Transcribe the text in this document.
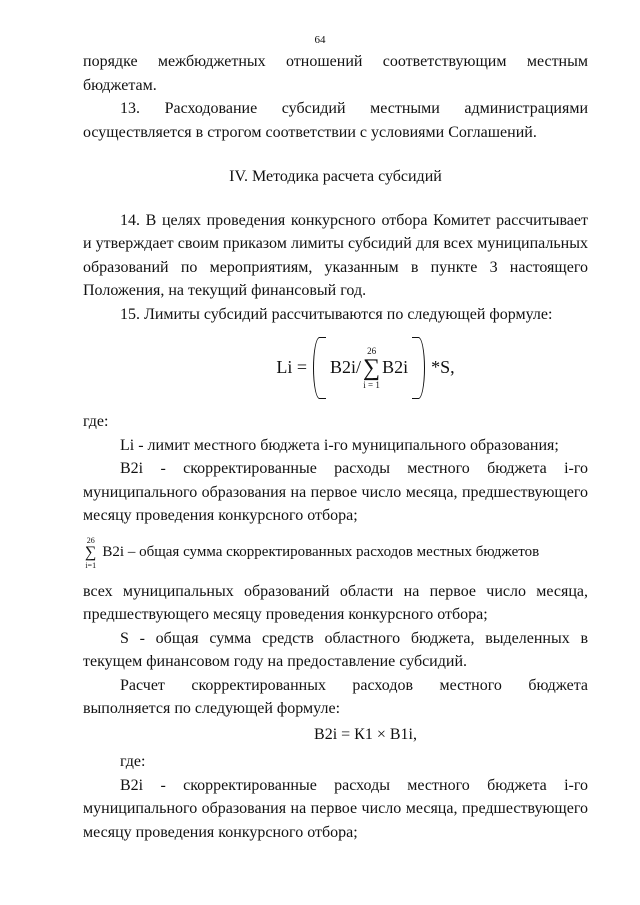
64

порядке межбюджетных отношений соответствующим местным бюджетам.

13. Расходование субсидий местными администрациями осуществляется в строгом соответствии с условиями Соглашений.

IV. Методика расчета субсидий

14. В целях проведения конкурсного отбора Комитет рассчитывает и утверждает своим приказом лимиты субсидий для всех муниципальных образований по мероприятиям, указанным в пункте 3 настоящего Положения, на текущий финансовый год.

15. Лимиты субсидий рассчитываются по следующей формуле:

Li = В2i/
26
∑
i = 1
В2i *S,

где:

Li - лимит местного бюджета i-го муниципального образования;

В2i - скорректированные расходы местного бюджета i-го муниципального образования на первое число месяца, предшествующего месяцу проведения конкурсного отбора;

26
∑
i=1
В2i – общая сумма скорректированных расходов местных бюджетов

всех муниципальных образований области на первое число месяца, предшествующего месяцу проведения конкурсного отбора;

S - общая сумма средств областного бюджета, выделенных в текущем финансовом году на предоставление субсидий.

Расчет скорректированных расходов местного бюджета выполняется по следующей формуле:

В2i = К1 × В1i,

где:

В2i - скорректированные расходы местного бюджета i-го муниципального образования на первое число месяца, предшествующего месяцу проведения конкурсного отбора;
